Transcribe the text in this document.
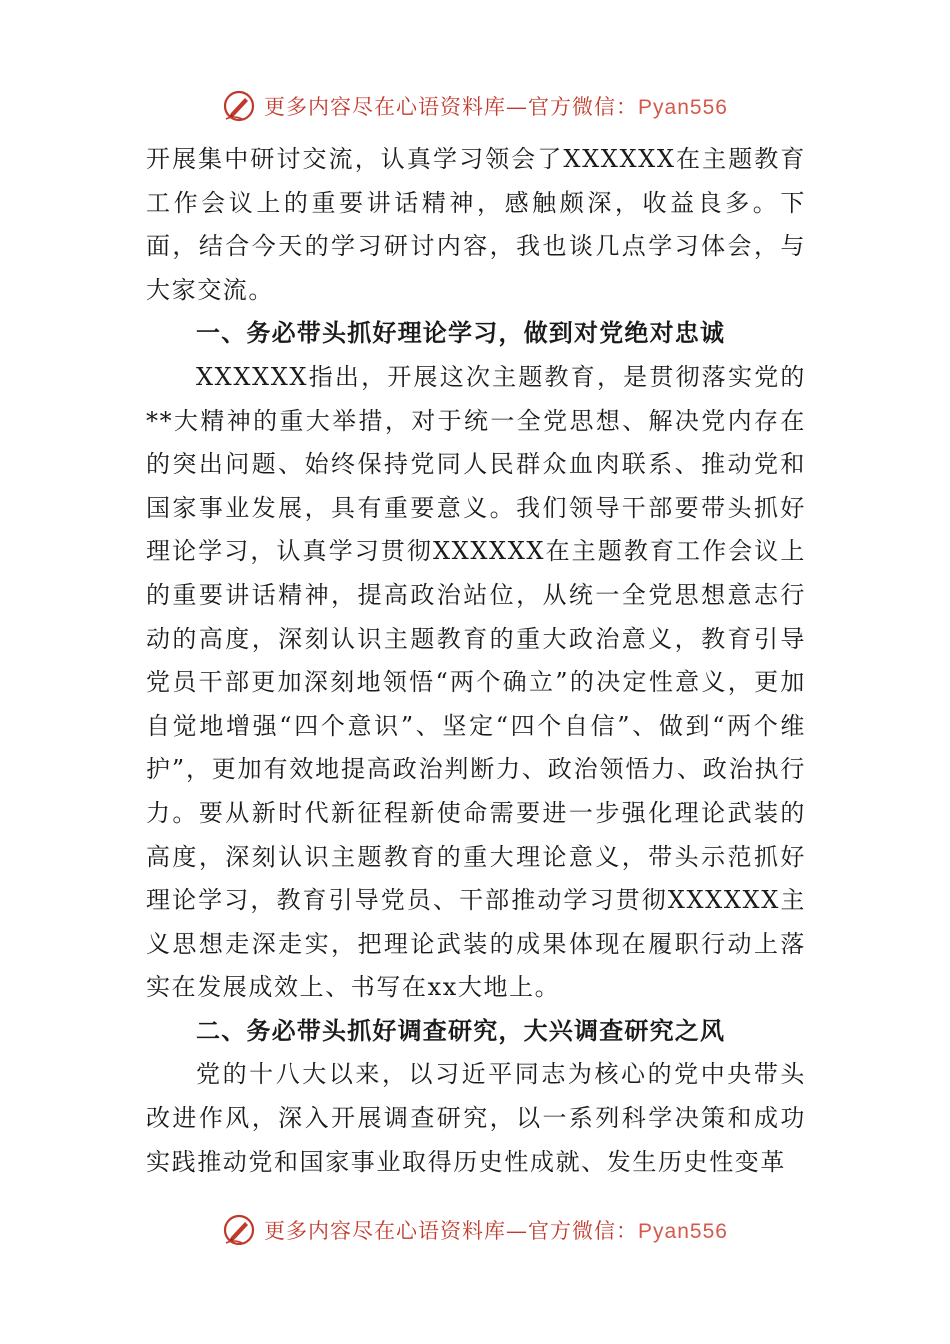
更多内容尽在心语资料库—官方微信：Pyan556

开展集中研讨交流，认真学习领会了XXXXXX在主题教育工作会议上的重要讲话精神，感触颇深，收益良多。下面，结合今天的学习研讨内容，我也谈几点学习体会，与大家交流。

一、务必带头抓好理论学习，做到对党绝对忠诚

XXXXXX指出，开展这次主题教育，是贯彻落实党的**大精神的重大举措，对于统一全党思想、解决党内存在的突出问题、始终保持党同人民群众血肉联系、推动党和国家事业发展，具有重要意义。我们领导干部要带头抓好理论学习，认真学习贯彻XXXXXX在主题教育工作会议上的重要讲话精神，提高政治站位，从统一全党思想意志行动的高度，深刻认识主题教育的重大政治意义，教育引导党员干部更加深刻地领悟“两个确立”的决定性意义，更加自觉地增强“四个意识”、坚定“四个自信”、做到“两个维护”，更加有效地提高政治判断力、政治领悟力、政治执行力。要从新时代新征程新使命需要进一步强化理论武装的高度，深刻认识主题教育的重大理论意义，带头示范抓好理论学习，教育引导党员、干部推动学习贯彻XXXXXX主义思想走深走实，把理论武装的成果体现在履职行动上落实在发展成效上、书写在xx大地上。

二、务必带头抓好调查研究，大兴调查研究之风

党的十八大以来，以习近平同志为核心的党中央带头改进作风，深入开展调查研究，以一系列科学决策和成功实践推动党和国家事业取得历史性成就、发生历史性变革

更多内容尽在心语资料库—官方微信：Pyan556
